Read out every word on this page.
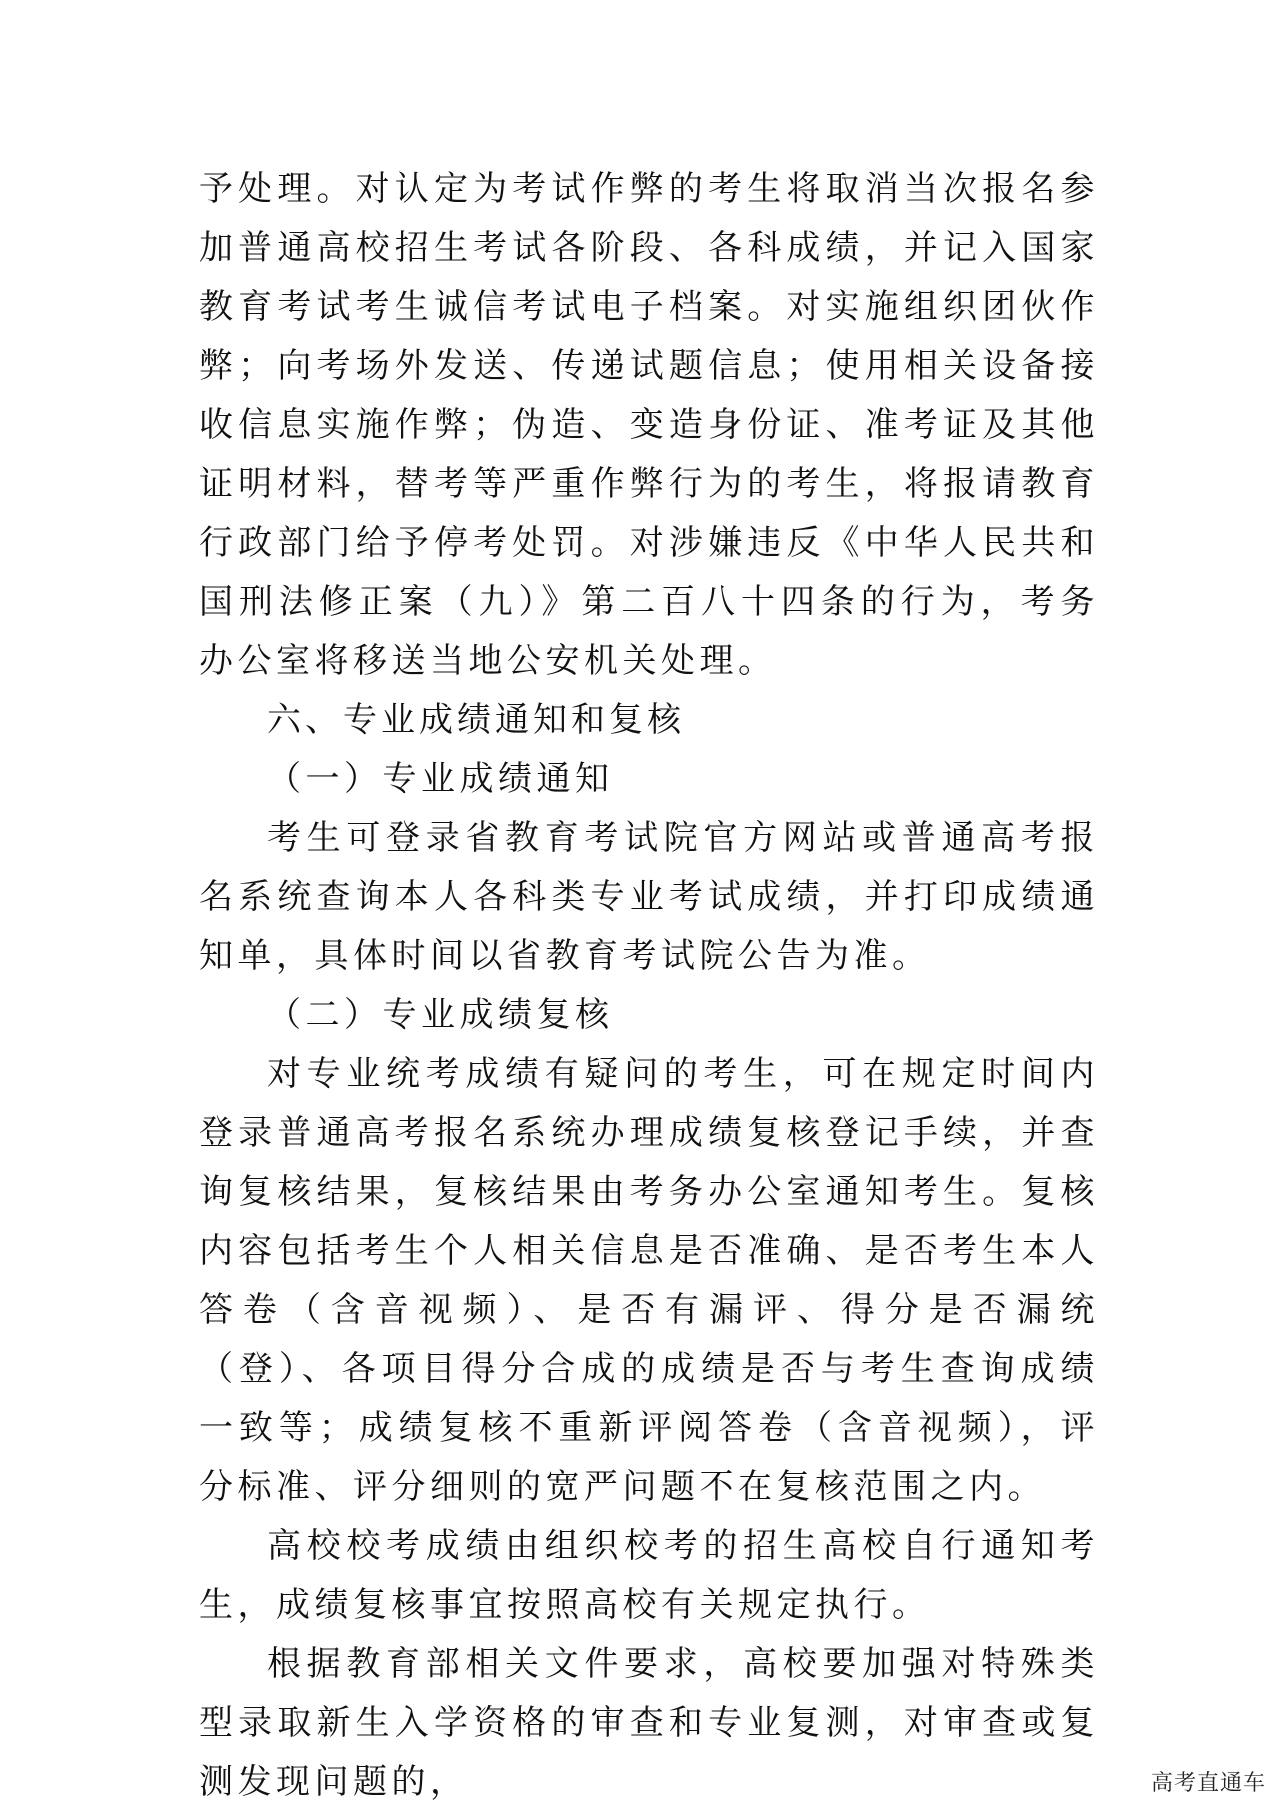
予处理。对认定为考试作弊的考生将取消当次报名参加普通高校招生考试各阶段、各科成绩，并记入国家教育考试考生诚信考试电子档案。对实施组织团伙作弊；向考场外发送、传递试题信息；使用相关设备接收信息实施作弊；伪造、变造身份证、准考证及其他证明材料，替考等严重作弊行为的考生，将报请教育行政部门给予停考处罚。对涉嫌违反《中华人民共和国刑法修正案（九）》第二百八十四条的行为，考务办公室将移送当地公安机关处理。

六、专业成绩通知和复核

（一）专业成绩通知

考生可登录省教育考试院官方网站或普通高考报名系统查询本人各科类专业考试成绩，并打印成绩通知单，具体时间以省教育考试院公告为准。

（二）专业成绩复核

对专业统考成绩有疑问的考生，可在规定时间内登录普通高考报名系统办理成绩复核登记手续，并查询复核结果，复核结果由考务办公室通知考生。复核内容包括考生个人相关信息是否准确、是否考生本人答卷（含音视频）、是否有漏评、得分是否漏统（登）、各项目得分合成的成绩是否与考生查询成绩一致等；成绩复核不重新评阅答卷（含音视频），评分标准、评分细则的宽严问题不在复核范围之内。

高校校考成绩由组织校考的招生高校自行通知考生，成绩复核事宜按照高校有关规定执行。

根据教育部相关文件要求，高校要加强对特殊类型录取新生入学资格的审查和专业复测，对审查或复测发现问题的，	高考直通车
